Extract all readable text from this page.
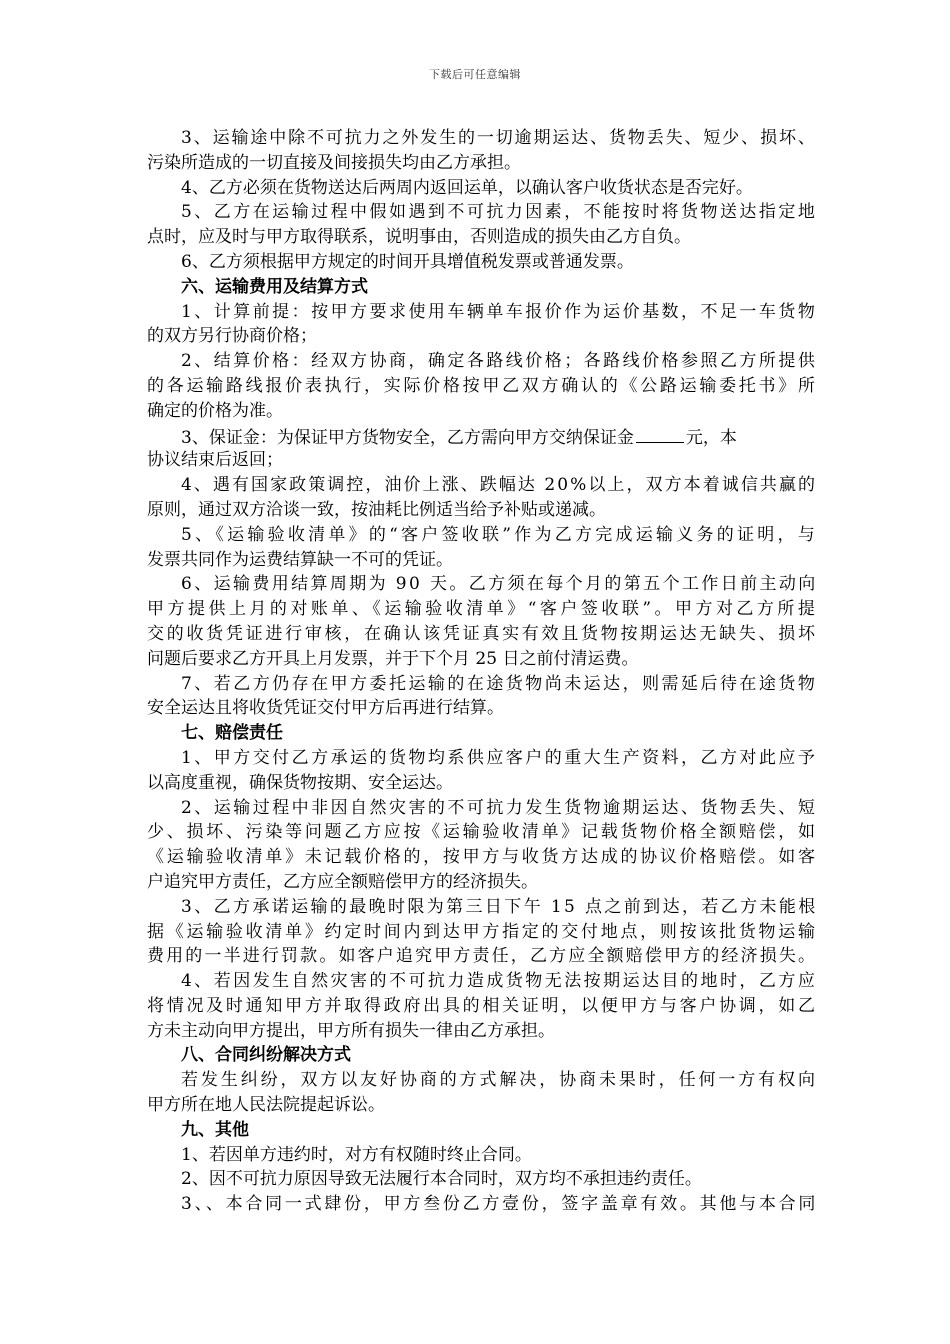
下载后可任意编辑
3、运输途中除不可抗力之外发生的一切逾期运达、货物丢失、短少、损坏、
污染所造成的一切直接及间接损失均由乙方承担。
4、乙方必须在货物送达后两周内返回运单，以确认客户收货状态是否完好。
5、乙方在运输过程中假如遇到不可抗力因素，不能按时将货物送达指定地
点时，应及时与甲方取得联系，说明事由，否则造成的损失由乙方自负。
6、乙方须根据甲方规定的时间开具增值税发票或普通发票。
六、运输费用及结算方式
1、计算前提：按甲方要求使用车辆单车报价作为运价基数，不足一车货物
的双方另行协商价格；
2、结算价格：经双方协商，确定各路线价格；各路线价格参照乙方所提供
的各运输路线报价表执行，实际价格按甲乙双方确认的《公路运输委托书》所
确定的价格为准。
3、保证金：为保证甲方货物安全，乙方需向甲方交纳保证金	元，本
协议结束后返回；
4、遇有国家政策调控，油价上涨、跌幅达 20%以上，双方本着诚信共赢的
原则，通过双方洽谈一致，按油耗比例适当给予补贴或递减。
5、《运输验收清单》的“客户签收联”作为乙方完成运输义务的证明，与
发票共同作为运费结算缺一不可的凭证。
6、运输费用结算周期为 90 天。乙方须在每个月的第五个工作日前主动向
甲方提供上月的对账单、《运输验收清单》“客户签收联”。甲方对乙方所提
交的收货凭证进行审核，在确认该凭证真实有效且货物按期运达无缺失、损坏
问题后要求乙方开具上月发票，并于下个月 25 日之前付清运费。
7、若乙方仍存在甲方委托运输的在途货物尚未运达，则需延后待在途货物
安全运达且将收货凭证交付甲方后再进行结算。
七、赔偿责任
1、甲方交付乙方承运的货物均系供应客户的重大生产资料，乙方对此应予
以高度重视，确保货物按期、安全运达。
2、运输过程中非因自然灾害的不可抗力发生货物逾期运达、货物丢失、短
少、损坏、污染等问题乙方应按《运输验收清单》记载货物价格全额赔偿，如
《运输验收清单》未记载价格的，按甲方与收货方达成的协议价格赔偿。如客
户追究甲方责任，乙方应全额赔偿甲方的经济损失。
3、乙方承诺运输的最晚时限为第三日下午 15 点之前到达，若乙方未能根
据《运输验收清单》约定时间内到达甲方指定的交付地点，则按该批货物运输
费用的一半进行罚款。如客户追究甲方责任，乙方应全额赔偿甲方的经济损失。
4、若因发生自然灾害的不可抗力造成货物无法按期运达目的地时，乙方应
将情况及时通知甲方并取得政府出具的相关证明，以便甲方与客户协调，如乙
方未主动向甲方提出，甲方所有损失一律由乙方承担。
八、合同纠纷解决方式
若发生纠纷，双方以友好协商的方式解决，协商未果时，任何一方有权向
甲方所在地人民法院提起诉讼。
九、其他
1、若因单方违约时，对方有权随时终止合同。
2、因不可抗力原因导致无法履行本合同时，双方均不承担违约责任。
3、、本合同一式肆份，甲方叁份乙方壹份，签字盖章有效。其他与本合同
